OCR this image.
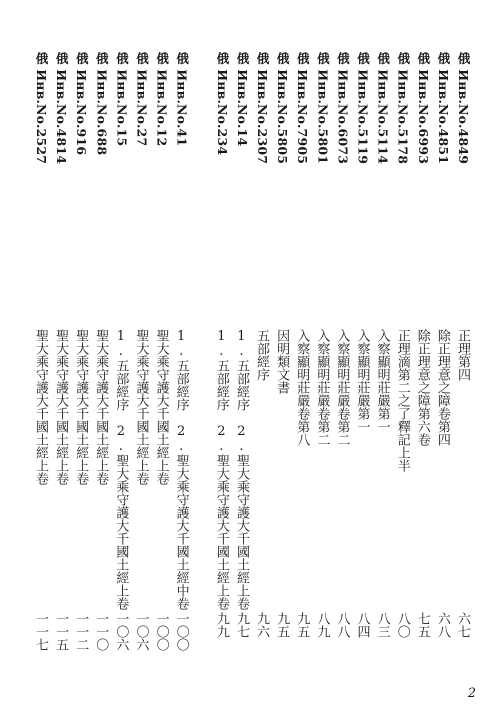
俄 Инв.No.4849
正理第四
六七
俄 Инв.No.4851
除正理意之障卷第四
六八
俄 Инв.No.6993
除正理意之障第六卷
七五
俄 Инв.No.5178
正理滴第二之了釋記上半
八〇
俄 Инв.No.5114
入察顯明莊嚴第一
八三
俄 Инв.No.5119
入察顯明莊嚴第一
八四
俄 Инв.No.6073
入察顯明莊嚴卷第二
八八
俄 Инв.No.5801
入察顯明莊嚴卷第二
八九
俄 Инв.No.7905
入察顯明莊嚴卷第八
九五
俄 Инв.No.5805
因明類文書
九五
俄 Инв.No.2307
五部經序
九六
俄 Инв.No.14
1.五部經序　2.聖大乘守護大千國土經上卷
九七
俄 Инв.No.234
1.五部經序　2.聖大乘守護大千國土經上卷
九九
俄 Инв.No.41
1.五部經序　2.聖大乘守護大千國土經中卷
一〇〇
俄 Инв.No.12
聖大乘守護大千國土經上卷
一〇〇
俄 Инв.No.27
聖大乘守護大千國土經上卷
一〇六
俄 Инв.No.15
1.五部經序　2.聖大乘守護大千國土經上卷
一〇六
俄 Инв.No.688
聖大乘守護大千國土經上卷
一一〇
俄 Инв.No.916
聖大乘守護大千國土經上卷
一一二
俄 Инв.No.4814
聖大乘守護大千國土經上卷
一一五
俄 Инв.No.2527
聖大乘守護大千國土經上卷
一一七
2
